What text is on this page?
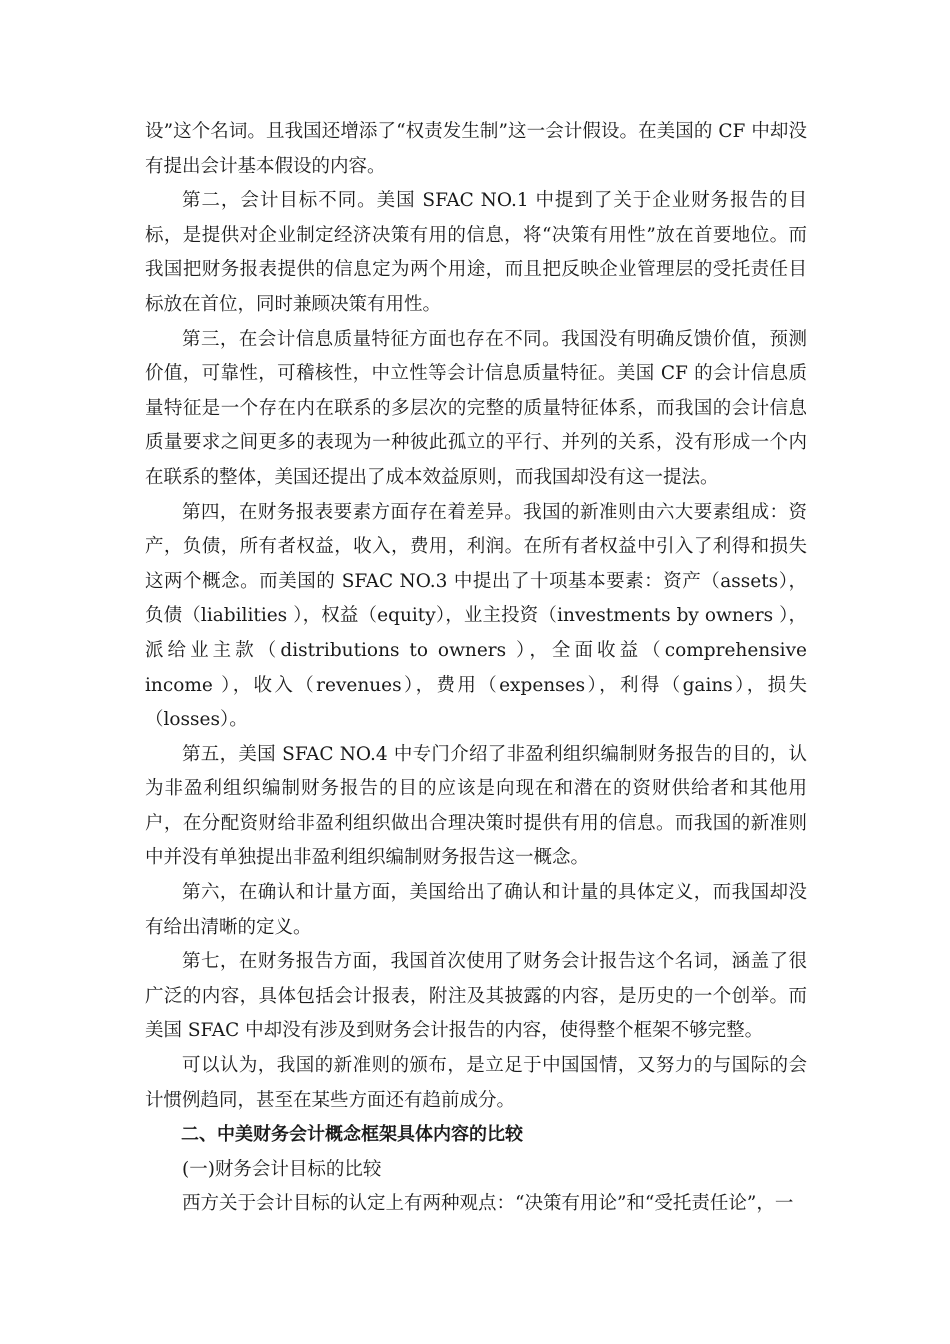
设”这个名词。且我国还增添了“权责发生制”这一会计假设。在美国的 CF 中却没有提出会计基本假设的内容。

第二，会计目标不同。美国 SFAC NO.1 中提到了关于企业财务报告的目标，是提供对企业制定经济决策有用的信息，将“决策有用性”放在首要地位。而我国把财务报表提供的信息定为两个用途，而且把反映企业管理层的受托责任目标放在首位，同时兼顾决策有用性。

第三，在会计信息质量特征方面也存在不同。我国没有明确反馈价值，预测价值，可靠性，可稽核性，中立性等会计信息质量特征。美国 CF 的会计信息质量特征是一个存在内在联系的多层次的完整的质量特征体系，而我国的会计信息质量要求之间更多的表现为一种彼此孤立的平行、并列的关系，没有形成一个内在联系的整体，美国还提出了成本效益原则，而我国却没有这一提法。

第四，在财务报表要素方面存在着差异。我国的新准则由六大要素组成：资产，负债，所有者权益，收入，费用，利润。在所有者权益中引入了利得和损失这两个概念。而美国的 SFAC NO.3 中提出了十项基本要素：资产（assets），负债（liabilities ），权益（equity），业主投资（investments by owners ），派给业主款（distributions to owners ），全面收益（comprehensive income ），收入（revenues），费用（expenses），利得（gains），损失（losses）。

第五，美国 SFAC NO.4 中专门介绍了非盈利组织编制财务报告的目的，认为非盈利组织编制财务报告的目的应该是向现在和潜在的资财供给者和其他用户，在分配资财给非盈利组织做出合理决策时提供有用的信息。而我国的新准则中并没有单独提出非盈利组织编制财务报告这一概念。

第六，在确认和计量方面，美国给出了确认和计量的具体定义，而我国却没有给出清晰的定义。

第七，在财务报告方面，我国首次使用了财务会计报告这个名词，涵盖了很广泛的内容，具体包括会计报表，附注及其披露的内容，是历史的一个创举。而美国 SFAC 中却没有涉及到财务会计报告的内容，使得整个框架不够完整。

可以认为，我国的新准则的颁布，是立足于中国国情，又努力的与国际的会计惯例趋同，甚至在某些方面还有趋前成分。

二、中美财务会计概念框架具体内容的比较

(一)财务会计目标的比较

西方关于会计目标的认定上有两种观点：“决策有用论”和“受托责任论”，一
